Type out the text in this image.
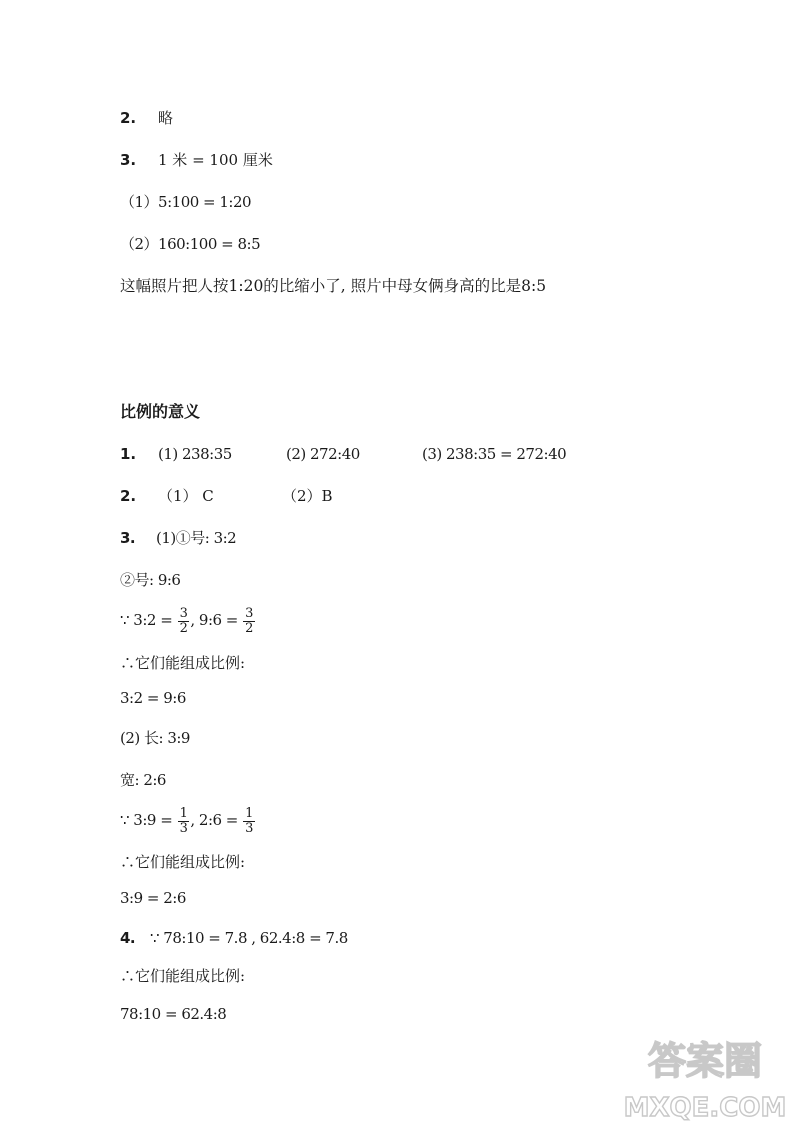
2. 略
3. 1 米 = 100 厘米
（1）5:100 = 1:20
（2）160:100 = 8:5
这幅照片把人按1:20的比缩小了, 照片中母女俩身高的比是8:5
比例的意义
1.	(1) 238:35	(2) 272:40	(3) 238:35 = 272:40
2.	（1） C	（2）B
3. (1)①号: 3:2
②号: 9:6
∵ 3:2 = $\frac{3}{2}$ , 9:6 = $\frac{3}{2}$
∴它们能组成比例:
3:2 = 9:6
(2) 长: 3:9
宽: 2:6
∵ 3:9 = $\frac{1}{3}$ , 2:6 = $\frac{1}{3}$
∴它们能组成比例:
3:9 = 2:6
4. ∵ 78:10 = 7.8 , 62.4:8 = 7.8
∴它们能组成比例:
78:10 = 62.4:8
答案圈
MXQE.COM
